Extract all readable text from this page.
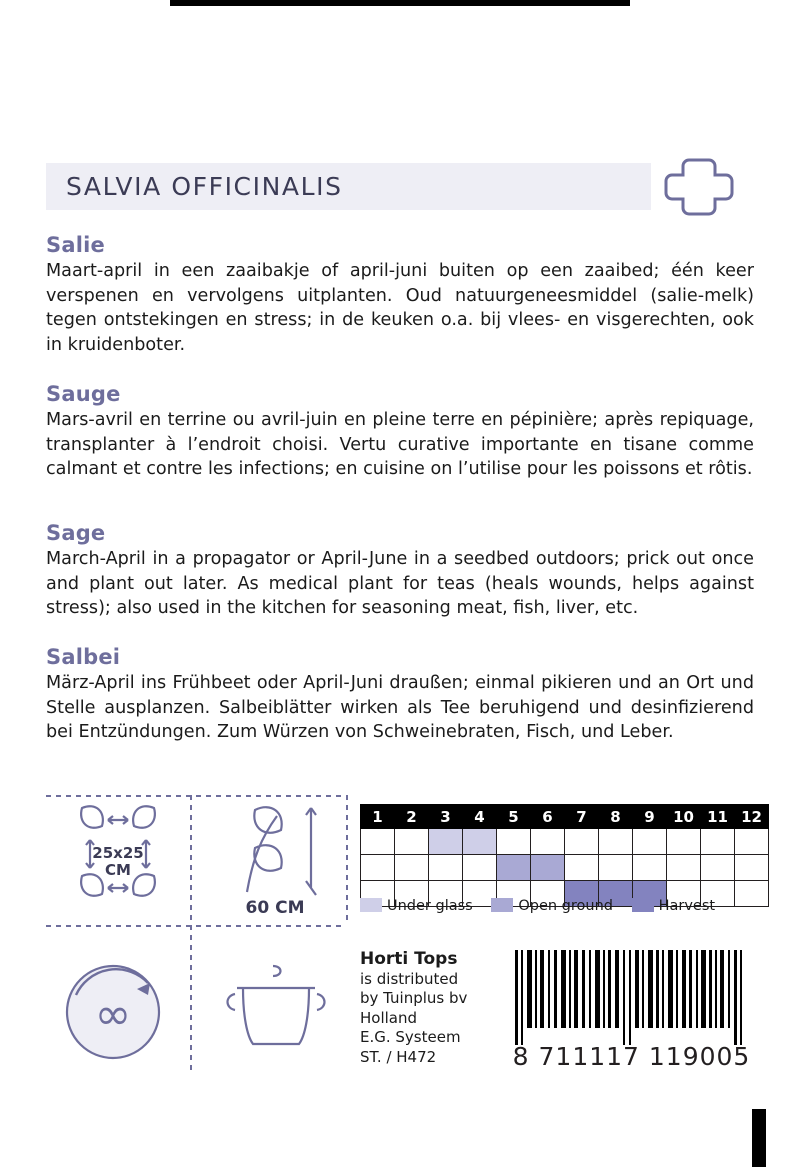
SALVIA OFFICINALIS
Salie

Maart-april in een zaaibakje of april-juni buiten op een zaaibed; één keer verspenen en vervolgens uitplanten. Oud natuurgeneesmiddel (salie-melk) tegen ontstekingen en stress; in de keuken o.a. bij vlees- en visgerechten, ook in kruidenboter.

Sauge

Mars-avril en terrine ou avril-juin en pleine terre en pépinière; après repiquage, transplanter à l’endroit choisi. Vertu curative importante en tisane comme calmant et contre les infections; en cuisine on l’utilise pour les poissons et rôtis.

Sage

March-April in a propagator or April-June in a seedbed outdoors; prick out once and plant out later. As medical plant for teas (heals wounds, helps against stress); also used in the kitchen for seasoning meat, fish, liver, etc.

Salbei

März-April ins Frühbeet oder April-Juni draußen; einmal pikieren und an Ort und Stelle ausplanzen. Salbeiblätter wirken als Tee beruhigend und desinfizierend bei Entzündungen. Zum Würzen von Schweinebraten, Fisch, und Leber.

25x25
CM
60 CM
∞
1	2	3	4	5	6	7	8	9	10	11	12

Under glass	Open ground	Harvest
Horti Tops
is distributed
by Tuinplus bv
Holland
E.G. Systeem
ST. / H472	8 711117 119005
